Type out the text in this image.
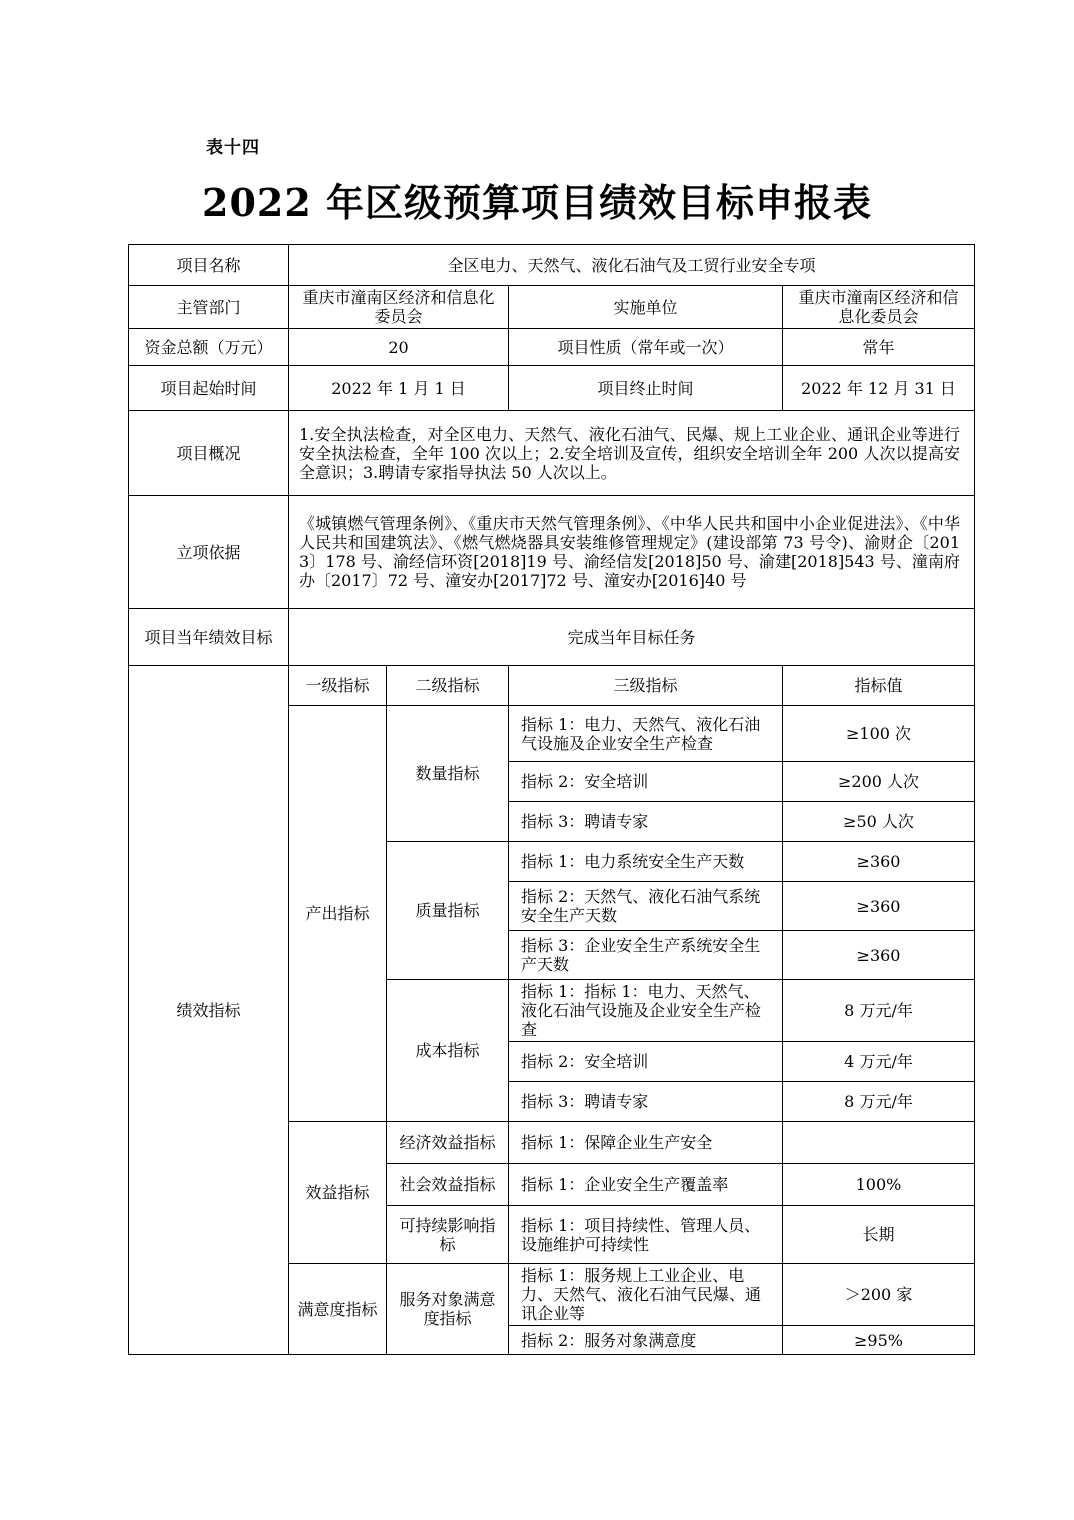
表十四
2022 年区级预算项目绩效目标申报表
项目名称	全区电力、天然气、液化石油气及工贸行业安全专项			
主管部门	重庆市潼南区经济和信息化委员会		实施单位	重庆市潼南区经济和信息化委员会
资金总额（万元）	20		项目性质（常年或一次）	常年
项目起始时间	2022 年 1 月 1 日		项目终止时间	2022 年 12 月 31 日
项目概况	1.安全执法检查，对全区电力、天然气、液化石油气、民爆、规上工业企业、通讯企业等进行安全执法检查，全年 100 次以上；2.安全培训及宣传，组织安全培训全年 200 人次以提高安全意识；3.聘请专家指导执法 50 人次以上。			
立项依据	《城镇燃气管理条例》、《重庆市天然气管理条例》、《中华人民共和国中小企业促进法》、《中华人民共和国建筑法》、《燃气燃烧器具安装维修管理规定》(建设部第 73 号令)、渝财企〔2013〕178 号、渝经信环资[2018]19 号、渝经信发[2018]50 号、渝建[2018]543 号、潼南府办〔2017〕72 号、潼安办[2017]72 号、潼安办[2016]40 号			
项目当年绩效目标	完成当年目标任务			
绩效指标	一级指标	二级指标	三级指标	指标值
	产出指标	数量指标	指标 1：电力、天然气、液化石油气设施及企业安全生产检查	≥100 次
			指标 2：安全培训	≥200 人次
			指标 3：聘请专家	≥50 人次
		质量指标	指标 1：电力系统安全生产天数	≥360
			指标 2：天然气、液化石油气系统安全生产天数	≥360
			指标 3：企业安全生产系统安全生产天数	≥360
		成本指标	指标 1：指标 1：电力、天然气、液化石油气设施及企业安全生产检查	8 万元/年
			指标 2：安全培训	4 万元/年
			指标 3：聘请专家	8 万元/年
	效益指标	经济效益指标	指标 1：保障企业生产安全	
		社会效益指标	指标 1：企业安全生产覆盖率	100%
		可持续影响指标	指标 1：项目持续性、管理人员、设施维护可持续性	长期
	满意度指标	服务对象满意度指标	指标 1：服务规上工业企业、电力、天然气、液化石油气民爆、通讯企业等	＞200 家
			指标 2：服务对象满意度	≥95%
